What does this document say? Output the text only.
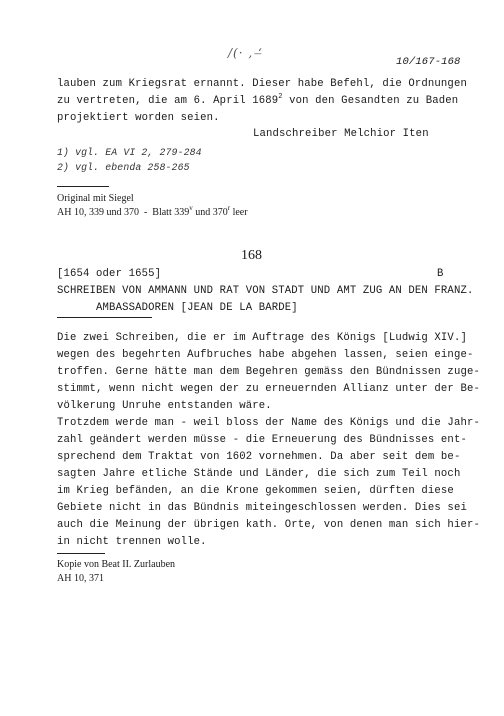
​/(· , ʻ̶
10/167-168
lauben zum Kriegsrat ernannt. Dieser habe Befehl, die Ordnungen
zu vertreten, die am 6. April 1689$^2$ von den Gesandten zu Baden
projektiert worden seien.
Landschreiber Melchior Iten
1) vgl. EA VI 2, 279-284
2) vgl. ebenda 258-265
Original mit Siegel
AH 10, 339 und 370  -  Blatt 339$^v$ und 370$^r$ leer
168
[1654 oder 1655]	B
SCHREIBEN VON AMMANN UND RAT VON STADT UND AMT ZUG AN DEN FRANZ.
AMBASSADOREN [JEAN DE LA BARDE]
Die zwei Schreiben, die er im Auftrage des Königs [Ludwig XIV.]
wegen des begehrten Aufbruches habe abgehen lassen, seien einge-
troffen. Gerne hätte man dem Begehren gemäss den Bündnissen zuge-
stimmt, wenn nicht wegen der zu erneuernden Allianz unter der Be-
völkerung Unruhe entstanden wäre.
Trotzdem werde man - weil bloss der Name des Königs und die Jahr-
zahl geändert werden müsse - die Erneuerung des Bündnisses ent-
sprechend dem Traktat von 1602 vornehmen. Da aber seit dem be-
sagten Jahre etliche Stände und Länder, die sich zum Teil noch
im Krieg befänden, an die Krone gekommen seien, dürften diese
Gebiete nicht in das Bündnis miteingeschlossen werden. Dies sei
auch die Meinung der übrigen kath. Orte, von denen man sich hier-
in nicht trennen wolle.
Kopie von Beat II. Zurlauben
AH 10, 371
